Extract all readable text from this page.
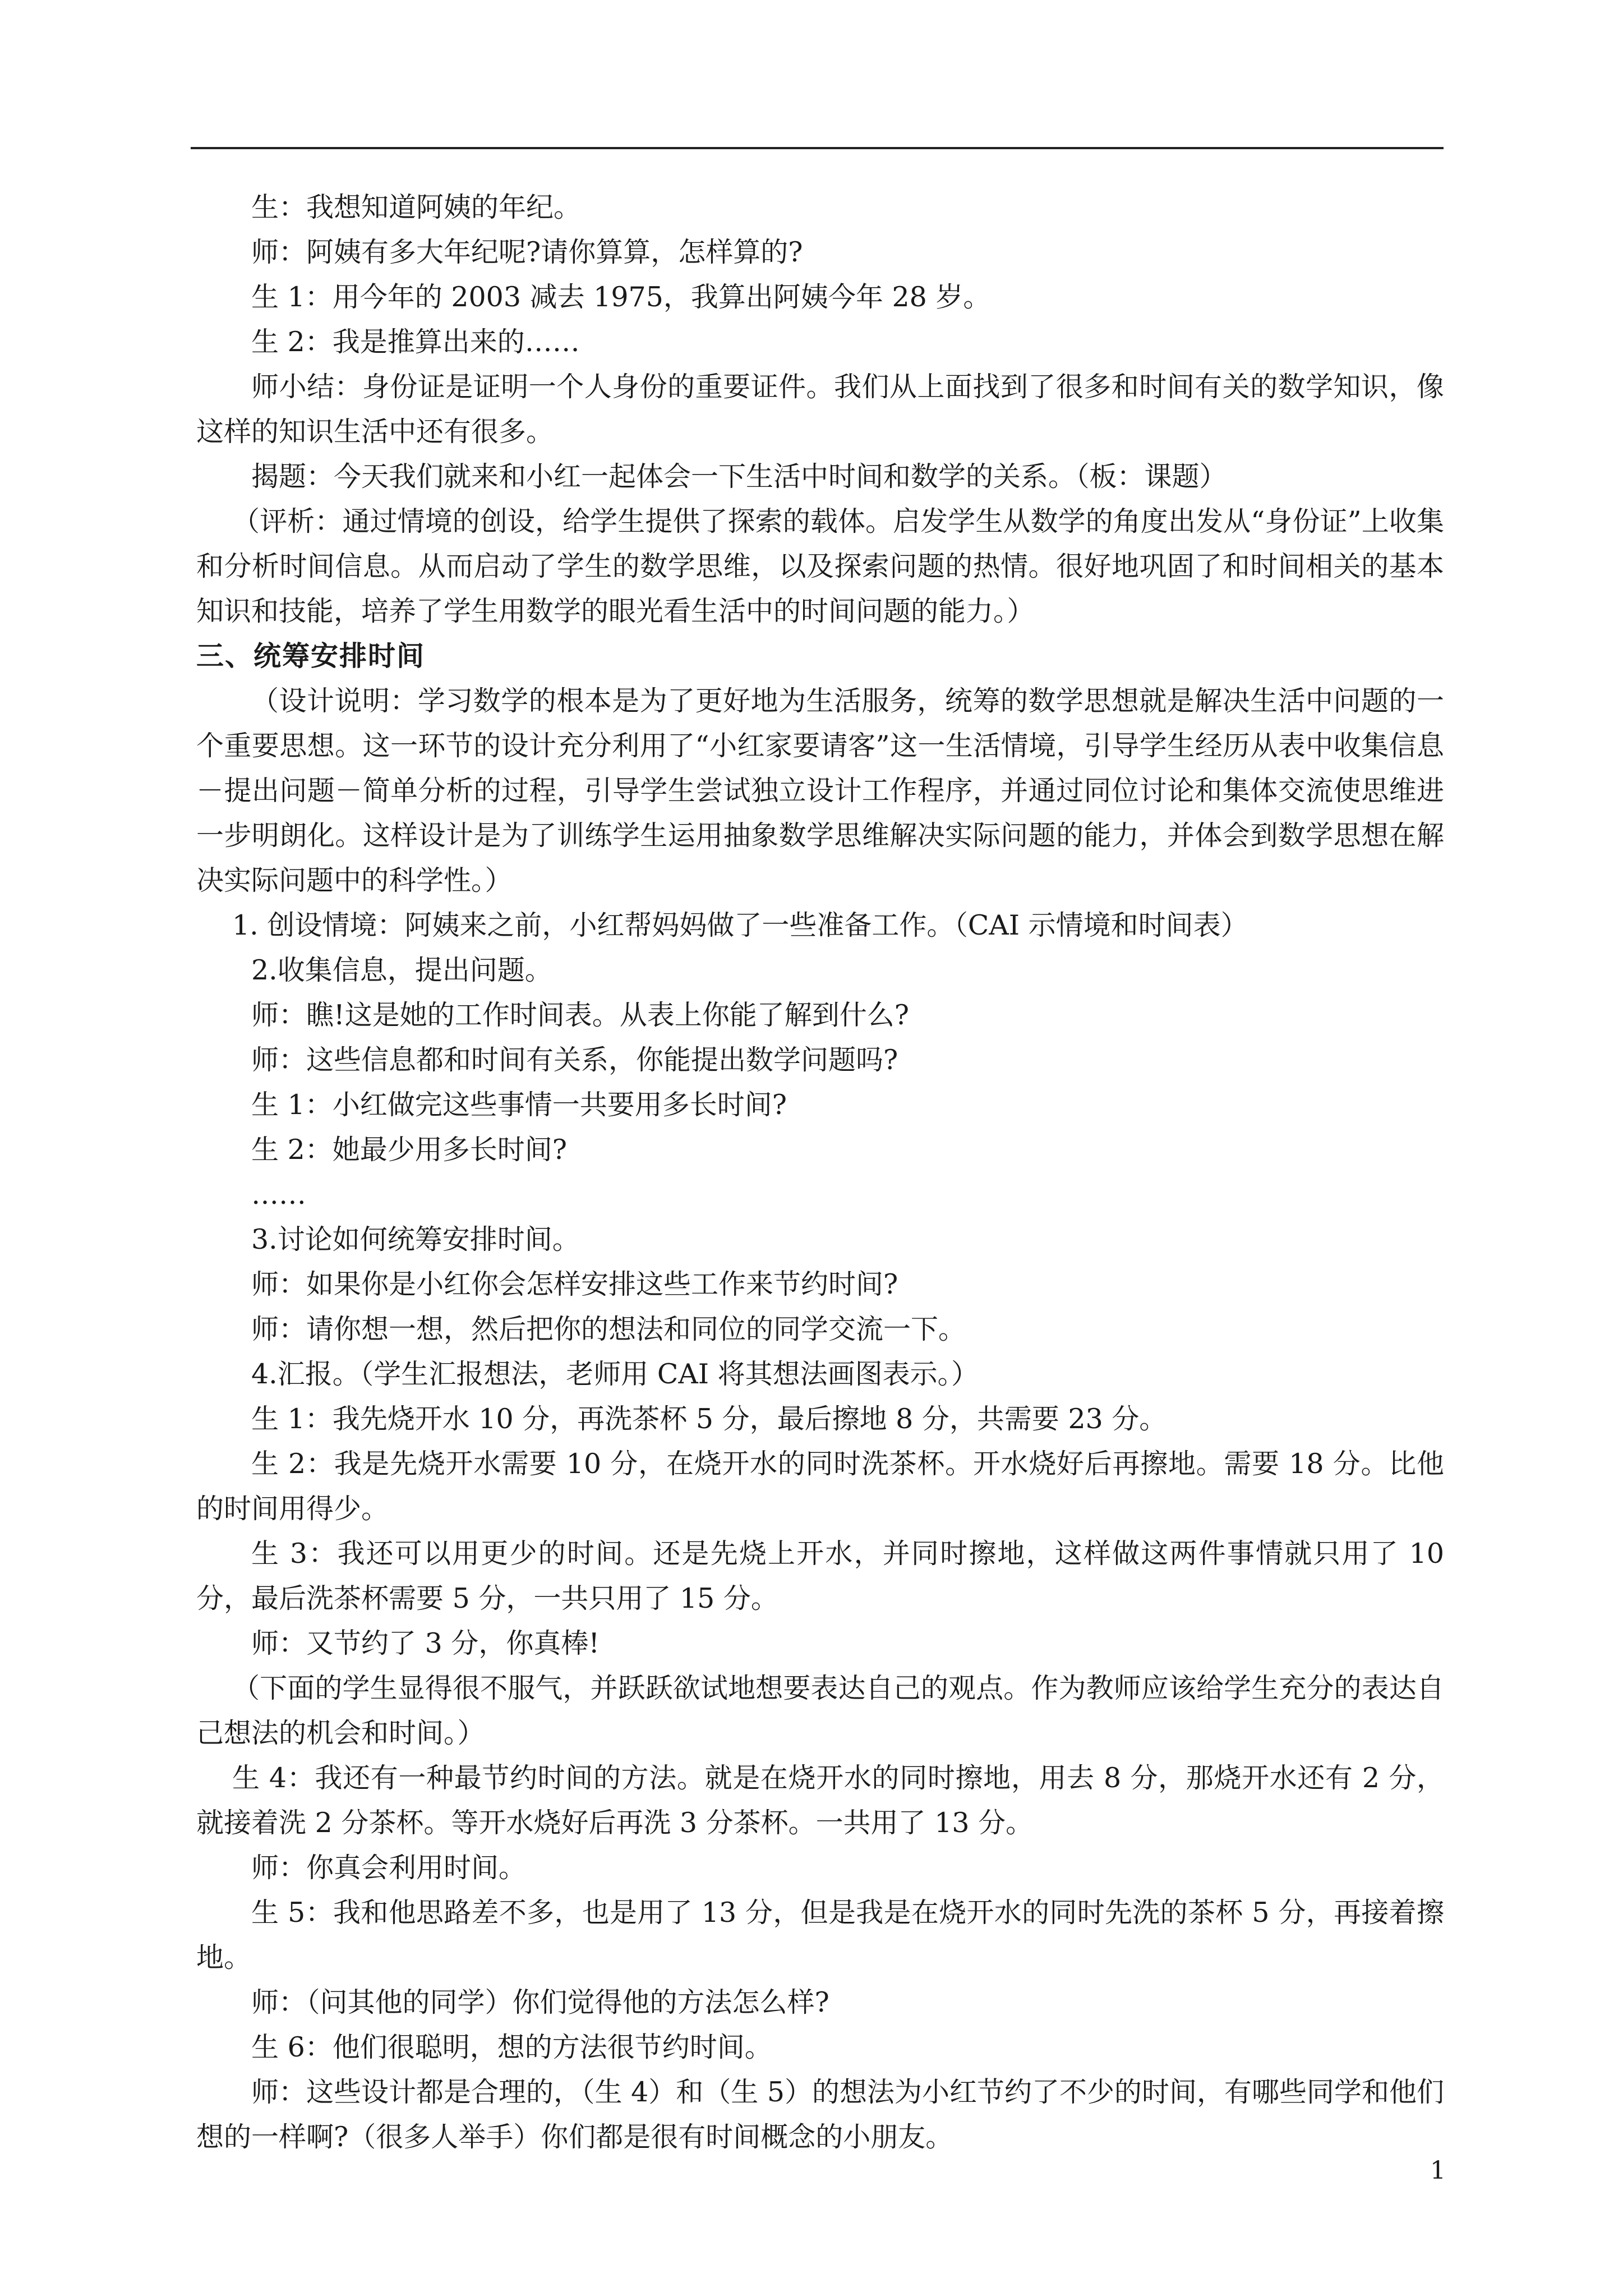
生：我想知道阿姨的年纪。

师：阿姨有多大年纪呢?请你算算，怎样算的?

生 1：用今年的 2003 减去 1975，我算出阿姨今年 28 岁。

生 2：我是推算出来的……

师小结：身份证是证明一个人身份的重要证件。我们从上面找到了很多和时间有关的数学知识，像这样的知识生活中还有很多。

揭题：今天我们就来和小红一起体会一下生活中时间和数学的关系。（板：课题）

（评析：通过情境的创设，给学生提供了探索的载体。启发学生从数学的角度出发从“身份证”上收集和分析时间信息。从而启动了学生的数学思维，以及探索问题的热情。很好地巩固了和时间相关的基本知识和技能，培养了学生用数学的眼光看生活中的时间问题的能力。）

三、统筹安排时间

（设计说明：学习数学的根本是为了更好地为生活服务，统筹的数学思想就是解决生活中问题的一个重要思想。这一环节的设计充分利用了“小红家要请客”这一生活情境，引导学生经历从表中收集信息－提出问题－简单分析的过程，引导学生尝试独立设计工作程序，并通过同位讨论和集体交流使思维进一步明朗化。这样设计是为了训练学生运用抽象数学思维解决实际问题的能力，并体会到数学思想在解决实际问题中的科学性。）

1. 创设情境：阿姨来之前，小红帮妈妈做了一些准备工作。（CAI 示情境和时间表）

2.收集信息，提出问题。

师：瞧!这是她的工作时间表。从表上你能了解到什么?

师：这些信息都和时间有关系，你能提出数学问题吗?

生 1：小红做完这些事情一共要用多长时间?

生 2：她最少用多长时间?

……

3.讨论如何统筹安排时间。

师：如果你是小红你会怎样安排这些工作来节约时间?

师：请你想一想，然后把你的想法和同位的同学交流一下。

4.汇报。（学生汇报想法，老师用 CAI 将其想法画图表示。）

生 1：我先烧开水 10 分，再洗茶杯 5 分，最后擦地 8 分，共需要 23 分。

生 2：我是先烧开水需要 10 分，在烧开水的同时洗茶杯。开水烧好后再擦地。需要 18 分。比他的时间用得少。

生 3：我还可以用更少的时间。还是先烧上开水，并同时擦地，这样做这两件事情就只用了 10 分，最后洗茶杯需要 5 分，一共只用了 15 分。

师：又节约了 3 分，你真棒!

（下面的学生显得很不服气，并跃跃欲试地想要表达自己的观点。作为教师应该给学生充分的表达自己想法的机会和时间。）

生 4：我还有一种最节约时间的方法。就是在烧开水的同时擦地，用去 8 分，那烧开水还有 2 分，就接着洗 2 分茶杯。等开水烧好后再洗 3 分茶杯。一共用了 13 分。

师：你真会利用时间。

生 5：我和他思路差不多，也是用了 13 分，但是我是在烧开水的同时先洗的茶杯 5 分，再接着擦地。

师：（问其他的同学）你们觉得他的方法怎么样?

生 6：他们很聪明，想的方法很节约时间。

师：这些设计都是合理的，（生 4）和（生 5）的想法为小红节约了不少的时间，有哪些同学和他们想的一样啊?（很多人举手）你们都是很有时间概念的小朋友。

1
